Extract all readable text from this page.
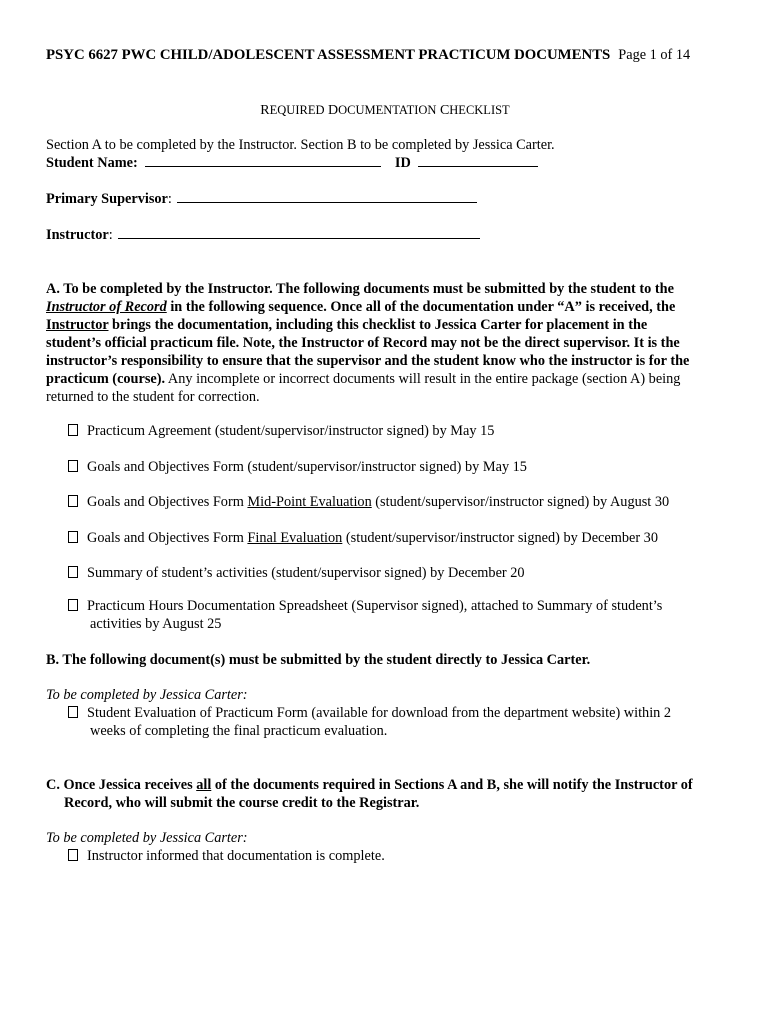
PSYC 6627 PWC CHILD/ADOLESCENT ASSESSMENT PRACTICUM DOCUMENTS Page 1 of 14
REQUIRED DOCUMENTATION CHECKLIST
Section A to be completed by the Instructor. Section B to be completed by Jessica Carter.
Student Name:	ID
Primary Supervisor:
Instructor:
A. To be completed by the Instructor. The following documents must be submitted by the student to the
Instructor of Record in the following sequence. Once all of the documentation under “A” is received, the
Instructor brings the documentation, including this checklist to Jessica Carter for placement in the
student’s official practicum file. Note, the Instructor of Record may not be the direct supervisor. It is the
instructor’s responsibility to ensure that the supervisor and the student know who the instructor is for the
practicum (course). Any incomplete or incorrect documents will result in the entire package (section A) being
returned to the student for correction.
Practicum Agreement (student/supervisor/instructor signed) by May 15
Goals and Objectives Form (student/supervisor/instructor signed) by May 15
Goals and Objectives Form Mid-Point Evaluation (student/supervisor/instructor signed) by August 30
Goals and Objectives Form Final Evaluation (student/supervisor/instructor signed) by December 30
Summary of student’s activities (student/supervisor signed) by December 20
Practicum Hours Documentation Spreadsheet (Supervisor signed), attached to Summary of student’s
activities by August 25
B. The following document(s) must be submitted by the student directly to Jessica Carter.
To be completed by Jessica Carter:
Student Evaluation of Practicum Form (available for download from the department website) within 2
weeks of completing the final practicum evaluation.
C. Once Jessica receives all of the documents required in Sections A and B, she will notify the Instructor of
Record, who will submit the course credit to the Registrar.
To be completed by Jessica Carter:
Instructor informed that documentation is complete.
